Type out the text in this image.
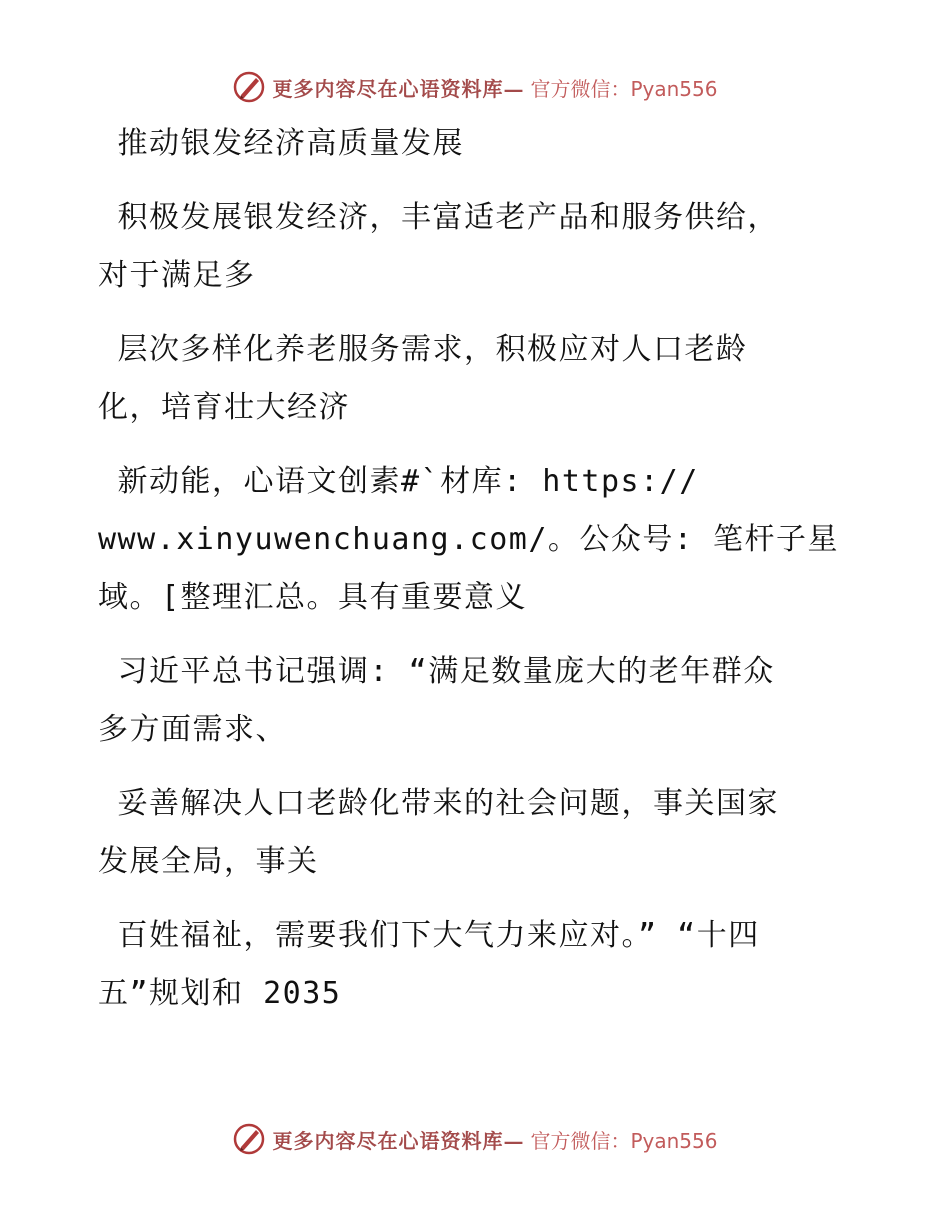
更多内容尽在心语资料库— 官方微信：Pyan556
推动银发经济高质量发展
积极发展银发经济，丰富适老产品和服务供给，
对于满足多
层次多样化养老服务需求，积极应对人口老龄
化，培育壮大经济
新动能，心语文创素#`材库: https://
www.xinyuwenchuang.com/。公众号: 笔杆子星
域。[整理汇总。具有重要意义
习近平总书记强调: “满足数量庞大的老年群众
多方面需求、
妥善解决人口老龄化带来的社会问题，事关国家
发展全局，事关
百姓福祉，需要我们下大气力来应对。” “十四
五”规划和 2035
更多内容尽在心语资料库— 官方微信：Pyan556
